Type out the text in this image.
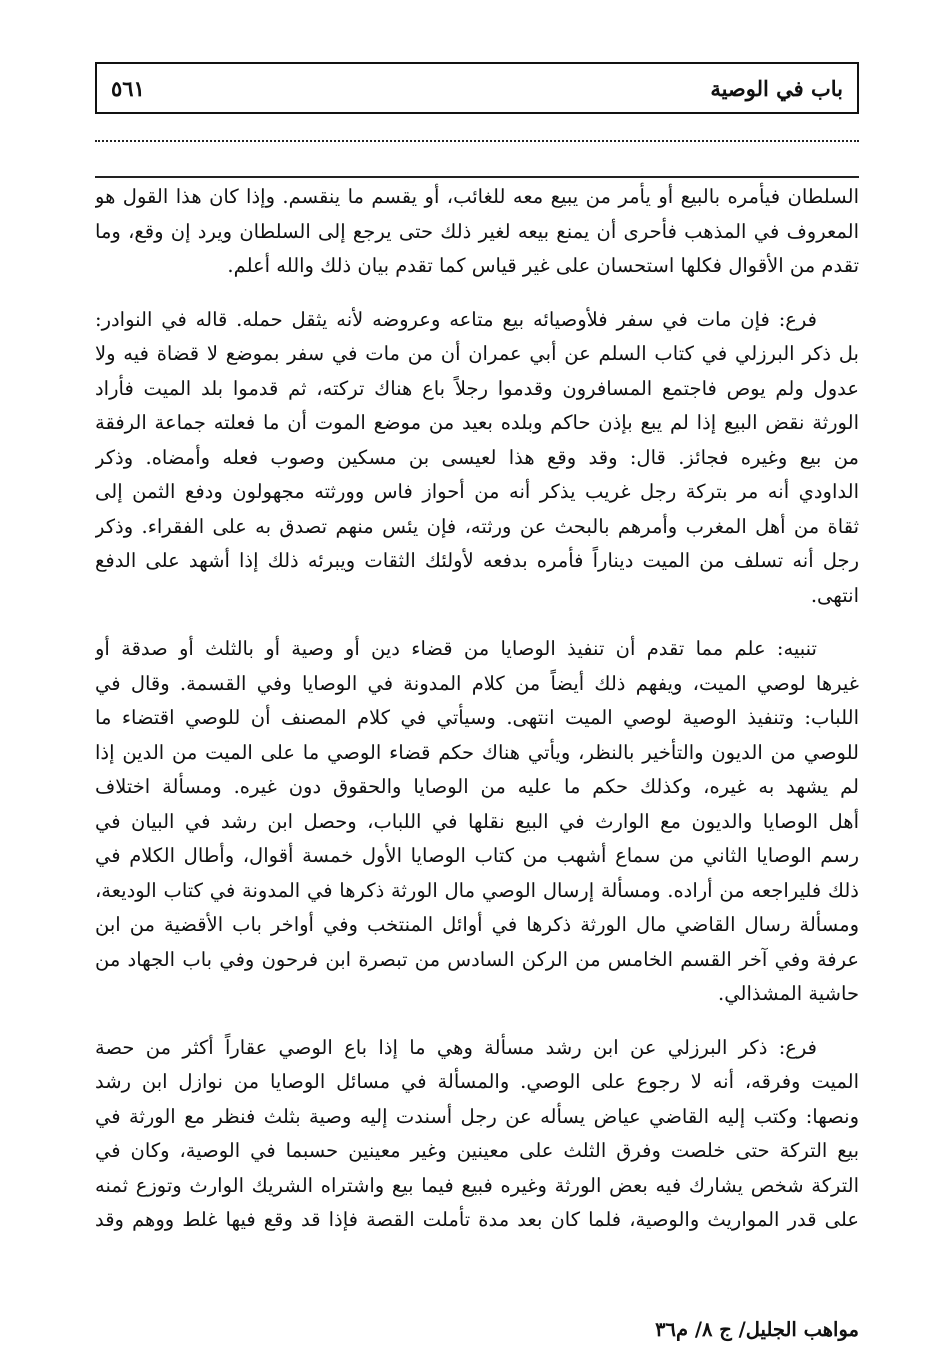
باب في الوصية
٥٦١
السلطان فيأمره بالبيع أو يأمر من يبيع معه للغائب، أو يقسم ما ينقسم. وإذا كان هذا القول هو
المعروف في المذهب فأحرى أن يمنع بيعه لغير ذلك حتى يرجع إلى السلطان ويرد إن وقع، وما
تقدم من الأقوال فكلها استحسان على غير قياس كما تقدم بيان ذلك والله أعلم.
فرع: فإن مات في سفر فلأوصيائه بيع متاعه وعروضه لأنه يثقل حمله. قاله في النوادر:
بل ذكر البرزلي في كتاب السلم عن أبي عمران أن من مات في سفر بموضع لا قضاة فيه ولا
عدول ولم يوص فاجتمع المسافرون وقدموا رجلاً باع هناك تركته، ثم قدموا بلد الميت فأراد
الورثة نقض البيع إذا لم يبع بإذن حاكم وبلده بعيد من موضع الموت أن ما فعلته جماعة الرفقة
من بيع وغيره فجائز. قال: وقد وقع هذا لعيسى بن مسكين وصوب فعله وأمضاه. وذكر
الداودي أنه مر بتركة رجل غريب يذكر أنه من أحواز فاس وورثته مجهولون ودفع الثمن إلى
ثقاة من أهل المغرب وأمرهم بالبحث عن ورثته، فإن يئس منهم تصدق به على الفقراء. وذكر
رجل أنه تسلف من الميت ديناراً فأمره بدفعه لأولئك الثقات ويبرئه ذلك إذا أشهد على الدفع
انتهى.
تنبيه: علم مما تقدم أن تنفيذ الوصايا من قضاء دين أو وصية أو بالثلث أو صدقة أو
غيرها لوصي الميت، ويفهم ذلك أيضاً من كلام المدونة في الوصايا وفي القسمة. وقال في
اللباب: وتنفيذ الوصية لوصي الميت انتهى. وسيأتي في كلام المصنف أن للوصي اقتضاء ما
للوصي من الديون والتأخير بالنظر، ويأتي هناك حكم قضاء الوصي ما على الميت من الدين إذا
لم يشهد به غيره، وكذلك حكم ما عليه من الوصايا والحقوق دون غيره. ومسألة اختلاف
أهل الوصايا والديون مع الوارث في البيع نقلها في اللباب، وحصل ابن رشد في البيان في
رسم الوصايا الثاني من سماع أشهب من كتاب الوصايا الأول خمسة أقوال، وأطال الكلام في
ذلك فليراجعه من أراده. ومسألة إرسال الوصي مال الورثة ذكرها في المدونة في كتاب الوديعة،
ومسألة رسال القاضي مال الورثة ذكرها في أوائل المنتخب وفي أواخر باب الأقضية من ابن
عرفة وفي آخر القسم الخامس من الركن السادس من تبصرة ابن فرحون وفي باب الجهاد من
حاشية المشذالي.
فرع: ذكر البرزلي عن ابن رشد مسألة وهي ما إذا باع الوصي عقاراً أكثر من حصة
الميت وفرقه، أنه لا رجوع على الوصي. والمسألة في مسائل الوصايا من نوازل ابن رشد
ونصها: وكتب إليه القاضي عياض يسأله عن رجل أسندت إليه وصية بثلث فنظر مع الورثة في
بيع التركة حتى خلصت وفرق الثلث على معينين وغير معينين حسبما في الوصية، وكان في
التركة شخص يشارك فيه بعض الورثة وغيره فبيع فيما بيع واشتراه الشريك الوارث وتوزع ثمنه
على قدر المواريث والوصية، فلما كان بعد مدة تأملت القصة فإذا قد وقع فيها غلط ووهم وقد
مواهب الجليل/ ج ٨/ م٣٦
